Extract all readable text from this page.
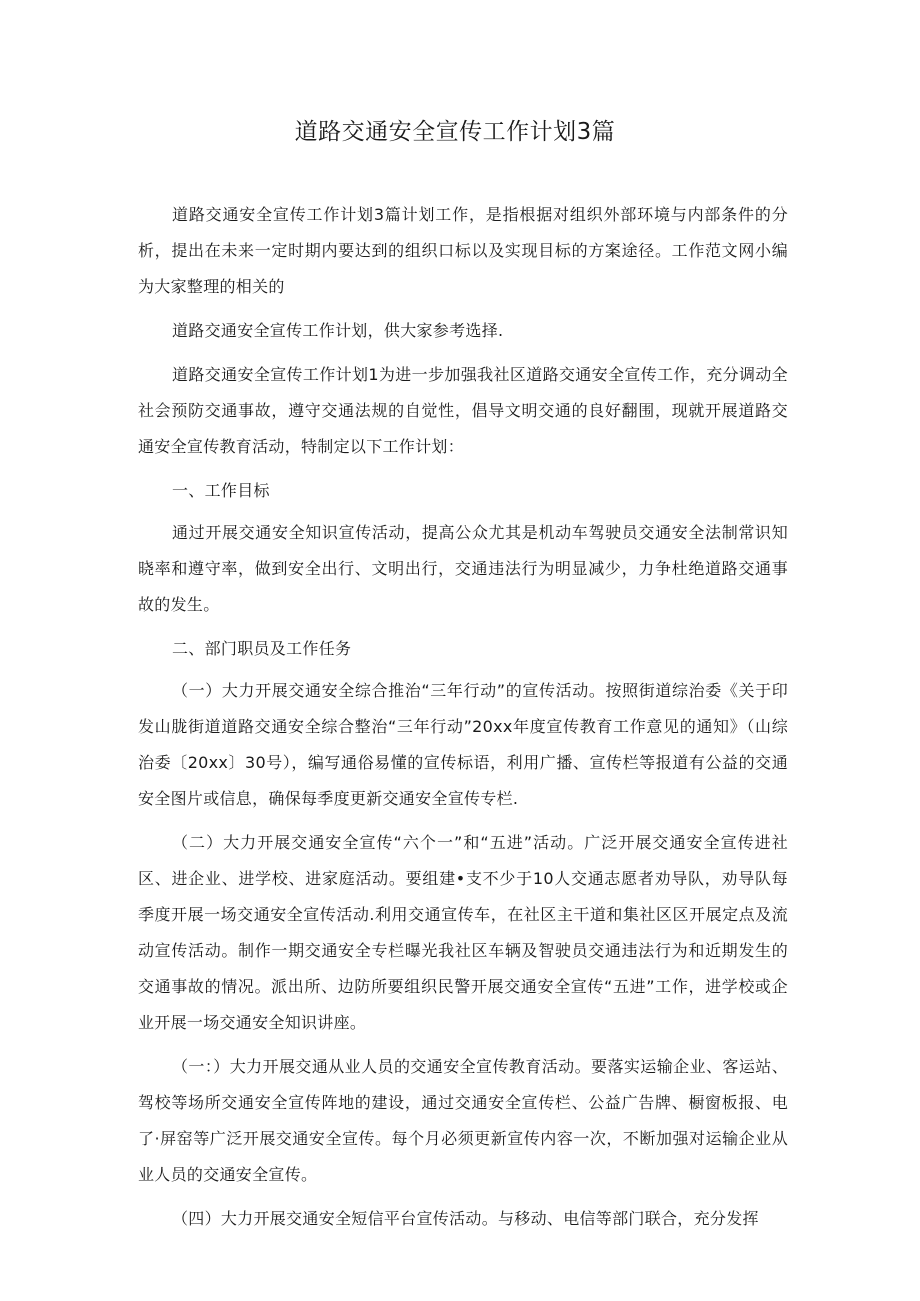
道路交通安全宣传工作计划3篇

道路交通安全宣传工作计划3篇计划工作，是指根据对组织外部环境与内部条件的分析，提出在未来一定时期内要达到的组织口标以及实现目标的方案途径。工作范文网小编为大家整理的相关的

道路交通安全宣传工作计划，供大家参考选择.

道路交通安全宣传工作计划1为进一步加强我社区道路交通安全宣传工作，充分调动全社会预防交通事故，遵守交通法规的自觉性，倡导文明交通的良好翻围，现就开展道路交通安全宣传教育活动，特制定以下工作计划：

一、工作目标

通过开展交通安全知识宣传活动，提高公众尤其是机动车驾驶员交通安全法制常识知晓率和遵守率，做到安全出行、文明出行，交通违法行为明显减少，力争杜绝道路交通事故的发生。

二、部门职员及工作任务

（一）大力开展交通安全综合推治“三年行动”的宣传活动。按照街道综治委《关于印发山胧街道道路交通安全综合整治“三年行动”20xx年度宣传教育工作意见的通知》（山综治委〔20xx〕30号），编写通俗易懂的宣传标语，利用广播、宣传栏等报道有公益的交通安全图片或信息，确保每季度更新交通安全宣传专栏.

（二）大力开展交通安全宣传“六个一”和“五进”活动。广泛开展交通安全宣传进社区、进企业、进学校、进家庭活动。要组建•支不少于10人交通志愿者劝导队，劝导队每季度开展一场交通安全宣传活动.利用交通宣传车，在社区主干道和集社区区开展定点及流动宣传活动。制作一期交通安全专栏曝光我社区车辆及智驶员交通违法行为和近期发生的交通事故的情况。派出所、边防所要组织民警开展交通安全宣传“五进”工作，进学校或企业开展一场交通安全知识讲座。

（一：）大力开展交通从业人员的交通安全宣传教育活动。要落实运输企业、客运站、驾校等场所交通安全宣传阵地的建设，通过交通安全宣传栏、公益广告牌、橱窗板报、电了·屏窑等广泛开展交通安全宣传。每个月必须更新宣传内容一次，不断加强对运输企业从业人员的交通安全宣传。

（四）大力开展交通安全短信平台宣传活动。与移动、电信等部门联合，充分发挥
